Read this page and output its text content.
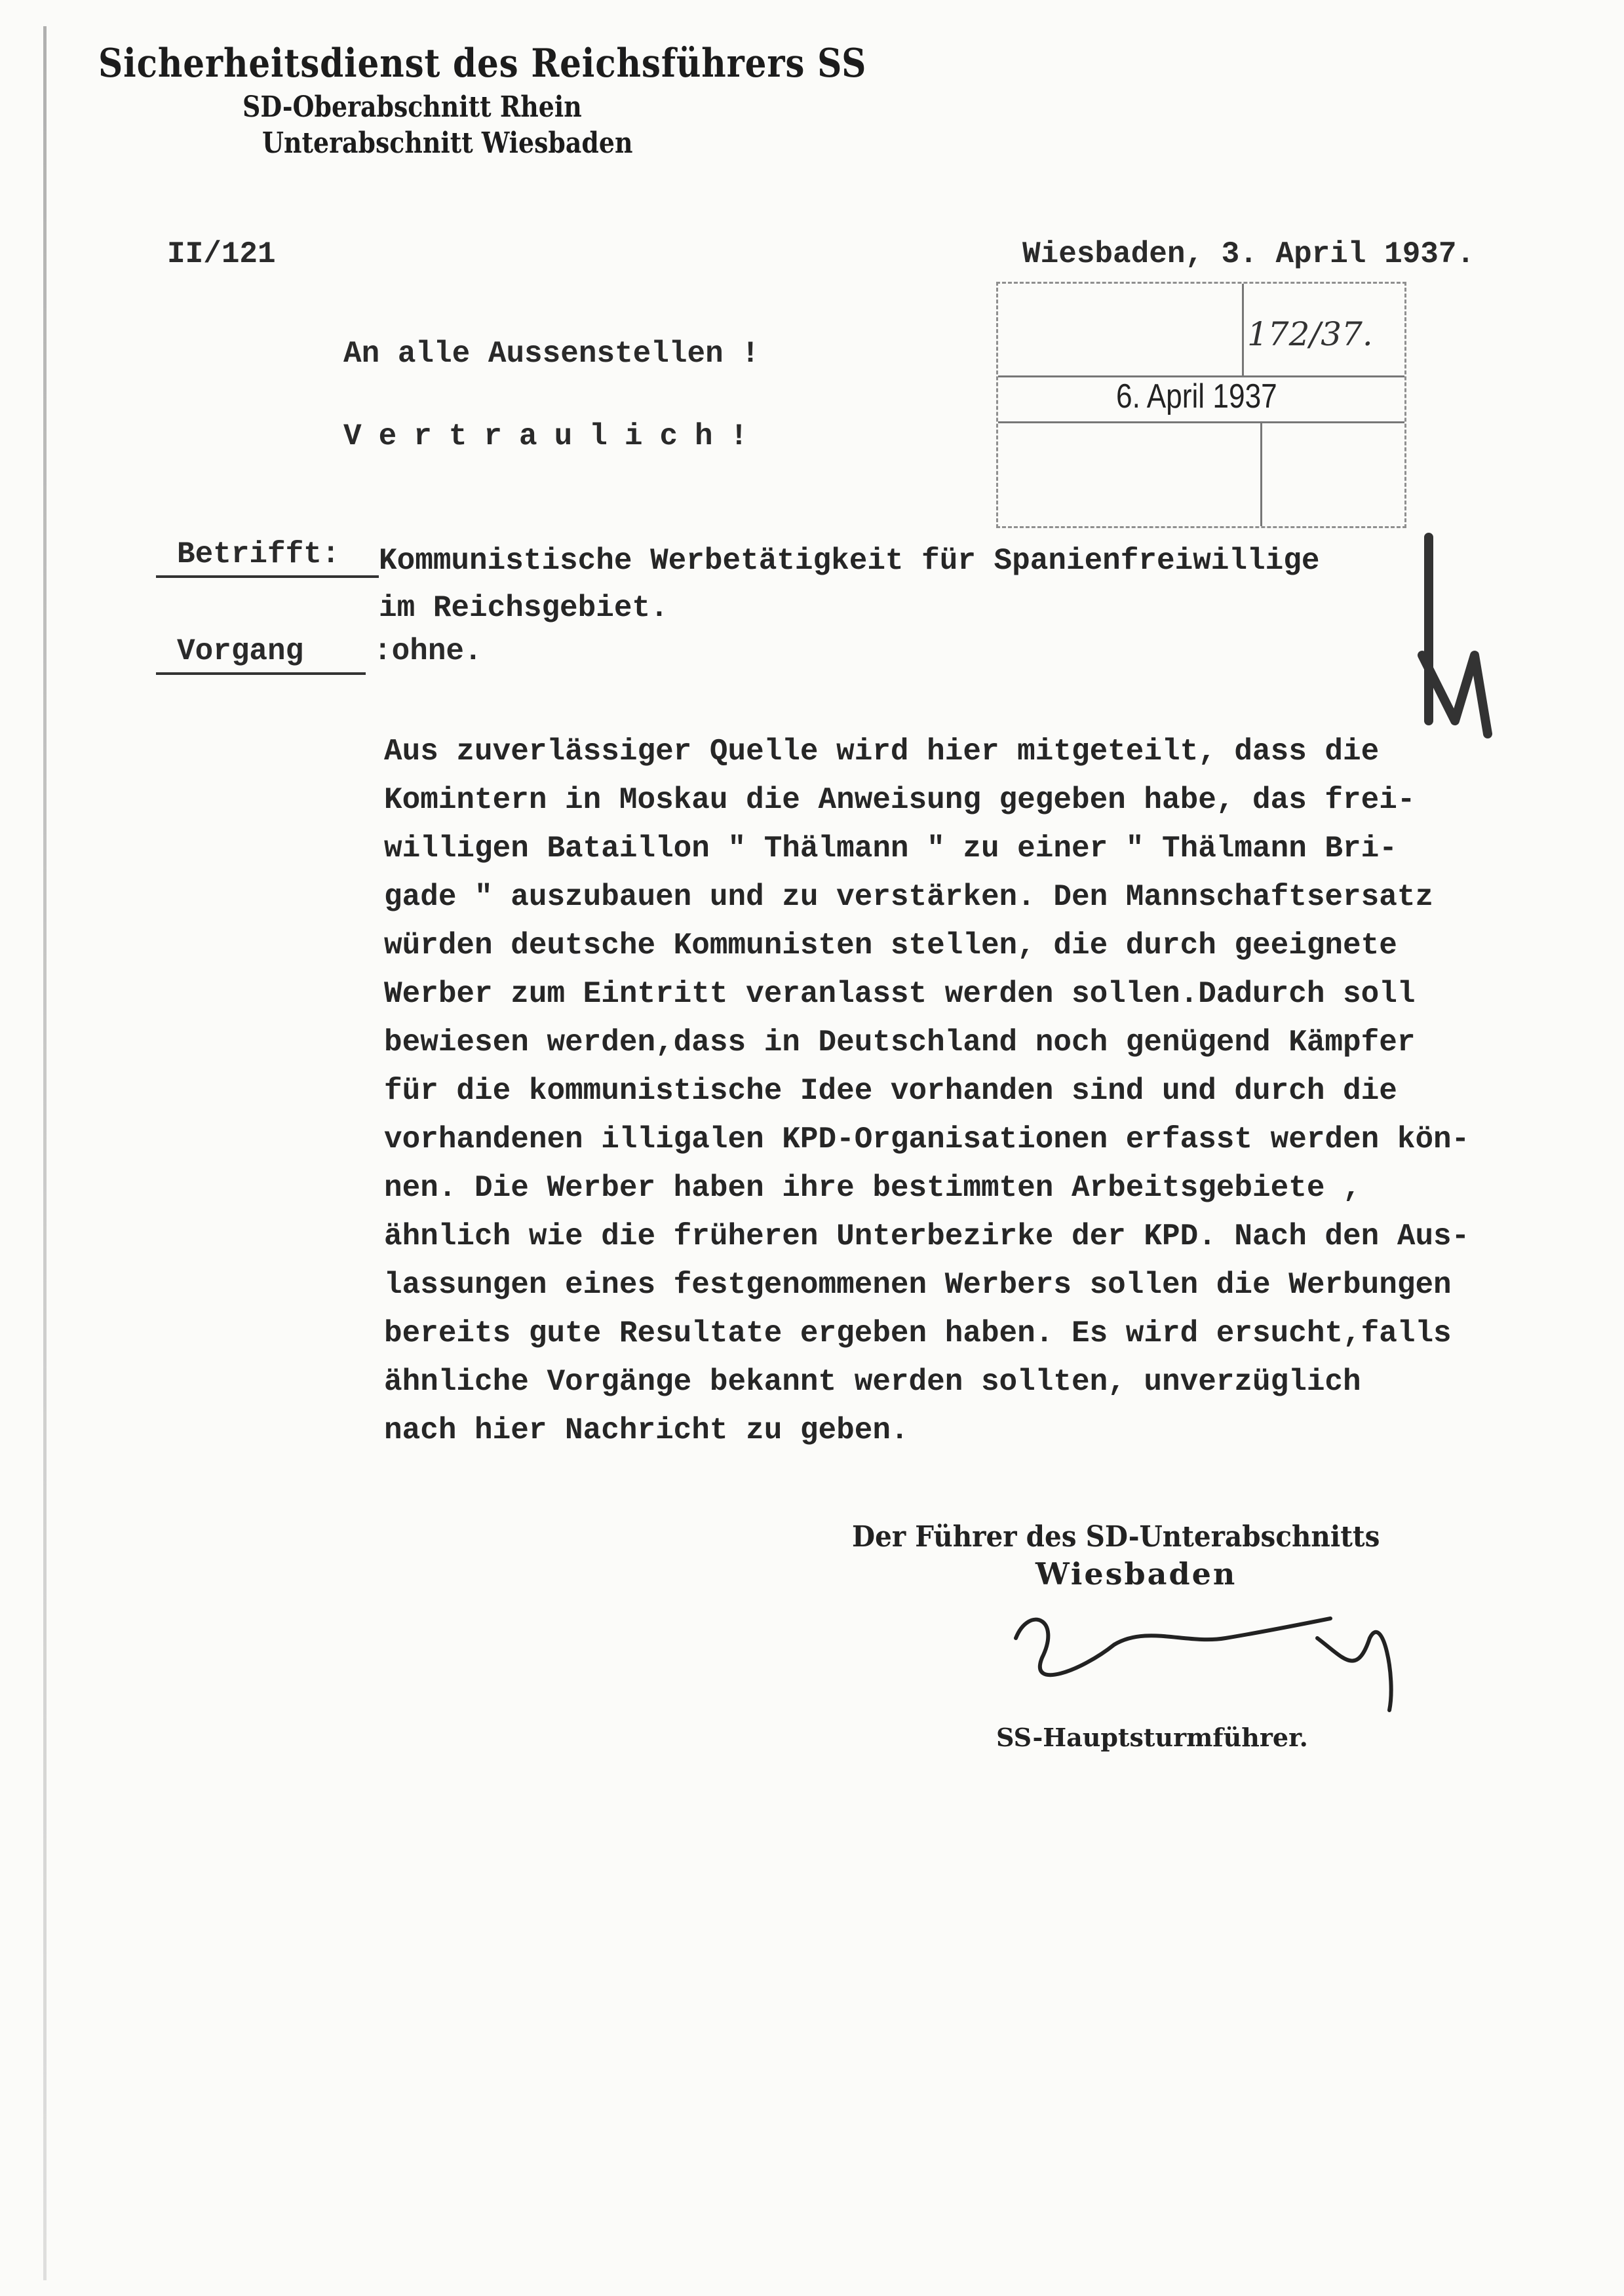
Sicherheitsdienst des Reichsführers SS
SD-Oberabschnitt Rhein
Unterabschnitt Wiesbaden
II/121	Wiesbaden, 3. April 1937.
172/37.
6. April 1937
An alle Aussenstellen !
Vertraulich!
Betrifft: Kommunistische Werbetätigkeit für Spanienfreiwillige
im Reichsgebiet.
Vorgang :ohne.
Aus zuverlässiger Quelle wird hier mitgeteilt, dass die
Komintern in Moskau die Anweisung gegeben habe, das frei-
willigen Bataillon " Thälmann " zu einer " Thälmann Bri-
gade " auszubauen und zu verstärken. Den Mannschaftsersatz
würden deutsche Kommunisten stellen, die durch geeignete
Werber zum Eintritt veranlasst werden sollen.Dadurch soll
bewiesen werden,dass in Deutschland noch genügend Kämpfer
für die kommunistische Idee vorhanden sind und durch die
vorhandenen illigalen KPD-Organisationen erfasst werden kön-
nen. Die Werber haben ihre bestimmten Arbeitsgebiete ,
ähnlich wie die früheren Unterbezirke der KPD. Nach den Aus-
lassungen eines festgenommenen Werbers sollen die Werbungen
bereits gute Resultate ergeben haben. Es wird ersucht,falls
ähnliche Vorgänge bekannt werden sollten, unverzüglich
nach hier Nachricht zu geben.
Der Führer des SD-Unterabschnitts
Wiesbaden
SS-Hauptsturmführer.
